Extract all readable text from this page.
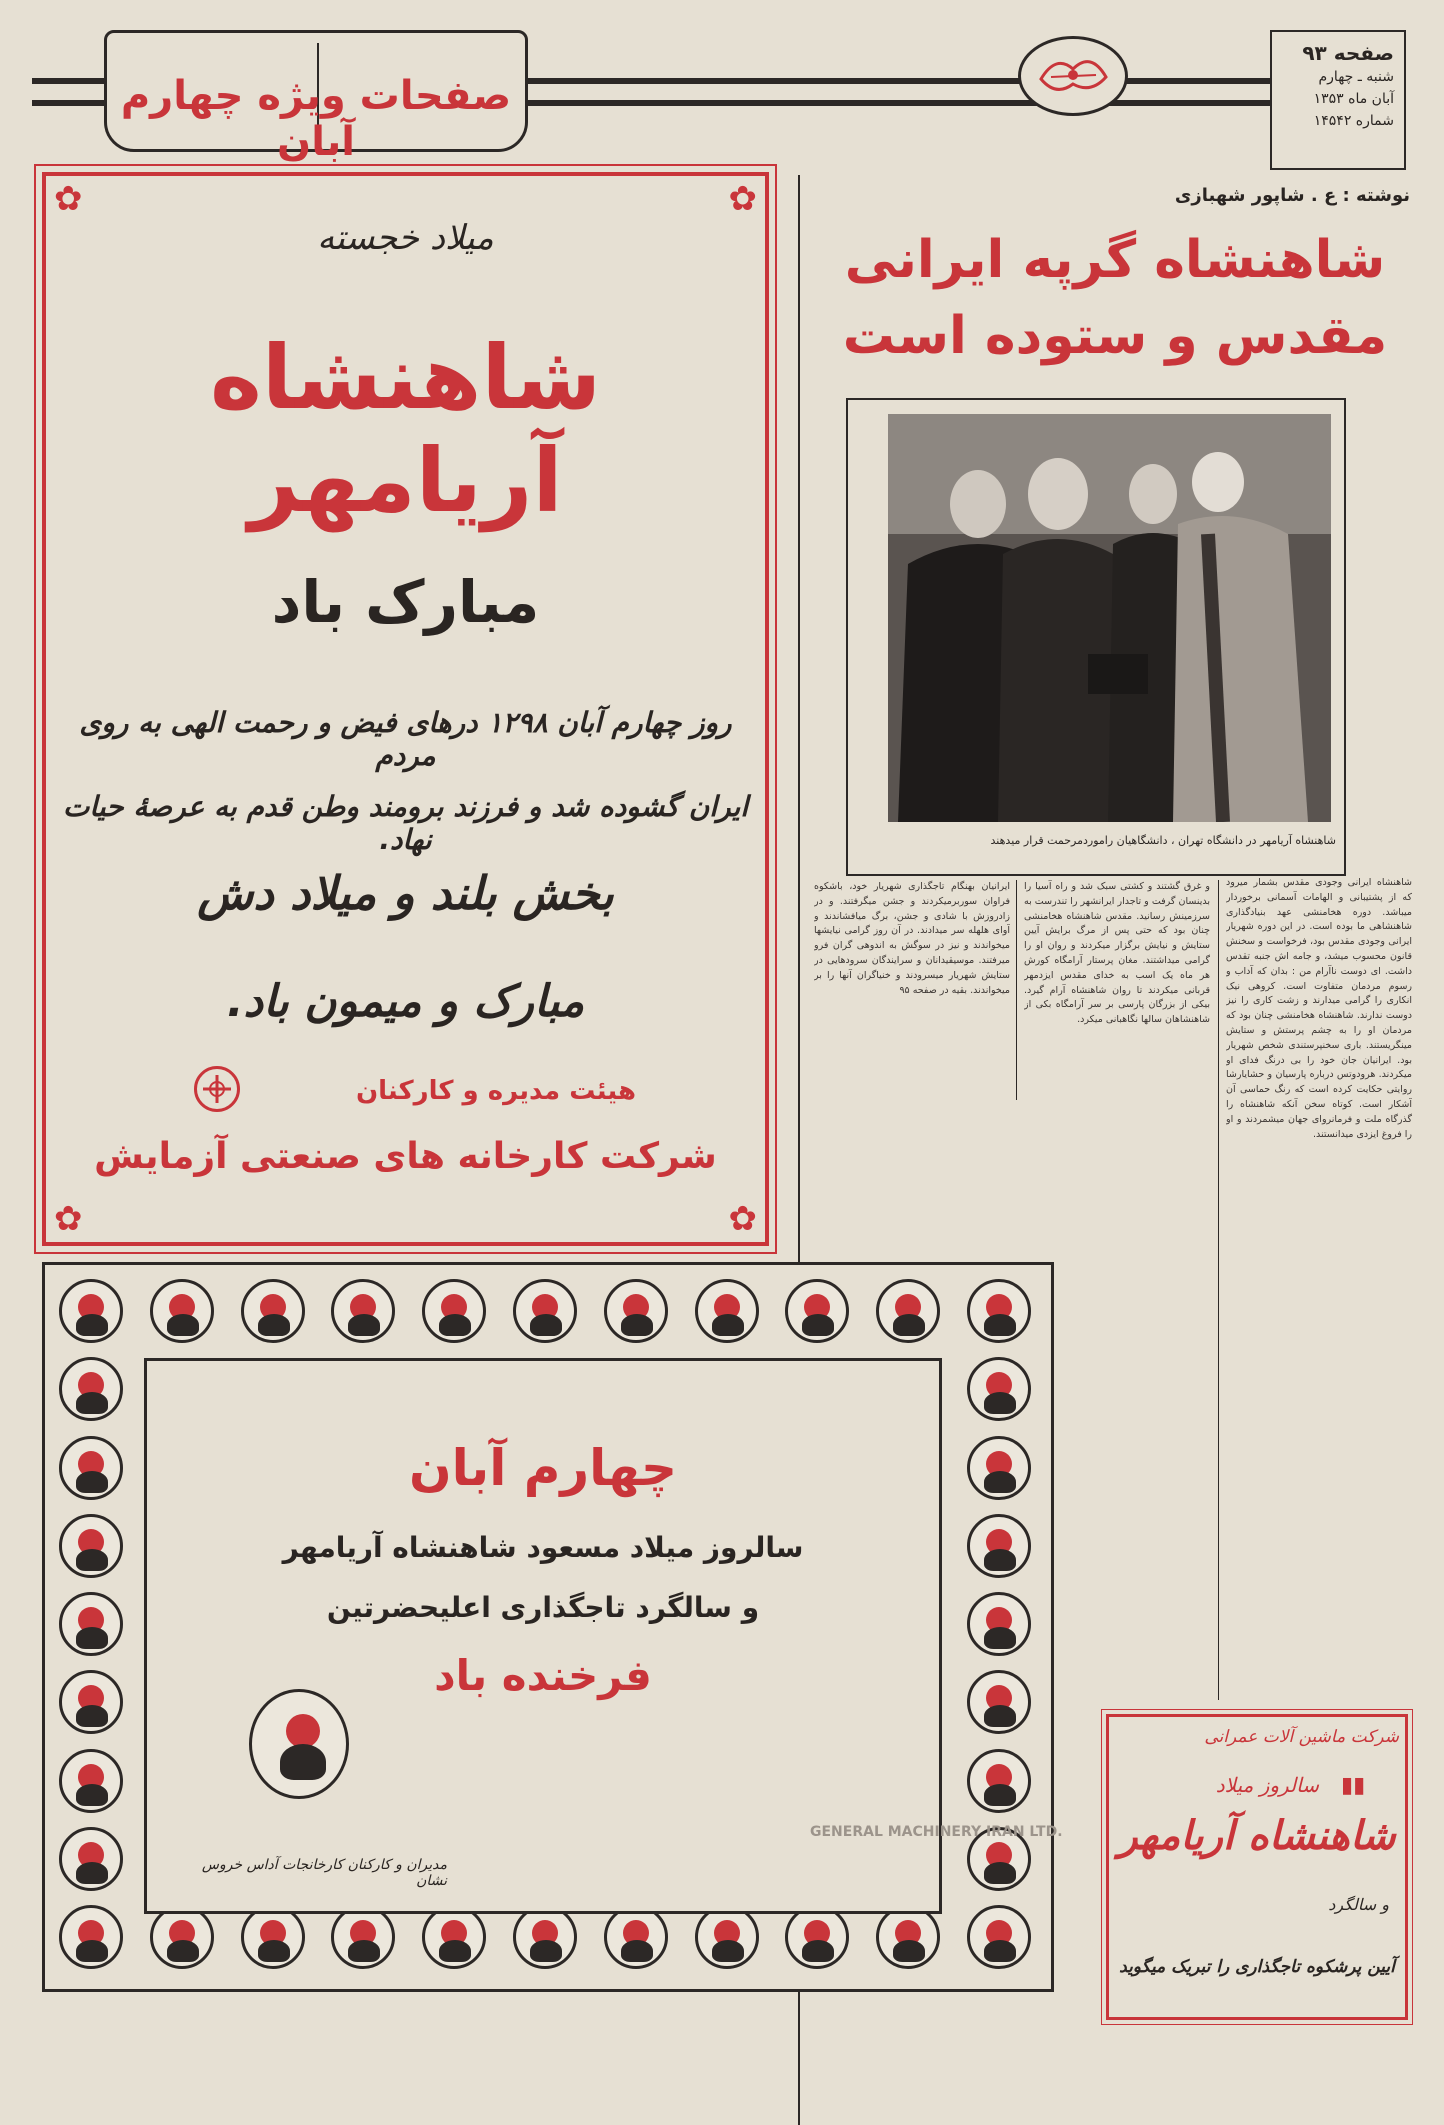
صفحات ویژه چهارم آبان
صفحه ۹۳
شنبه ـ چهارم
آبان ماه ۱۳۵۳
شماره ۱۴۵۴۲
✿	✿
✿	✿
میلاد خجسته
شاهنشاه آریامهر
مبارک باد
روز چهارم آبان ۱۲۹۸ درهای فیض و رحمت الهی به روی مردم
ایران گشوده شد و فرزند برومند وطن قدم به عرصهٔ حیات نهاد.
بخش بلند و میلاد دش
مبارک و میمون باد.
هیئت مدیره و کارکنان
شرکت کارخانه های صنعتی آزمایش
نوشته : ع . شاپور شهبازی
شاهنشاه گرپه ایرانی
مقدس و ستوده است
شاهنشاه آریامهر در دانشگاه تهران ، دانشگاهیان راموردمرحمت قرار میدهند
شاهنشاه ایرانی وجودی مقدس بشمار میرود که از پشتیبانی و الهامات آسمانی برخوردار میباشد. دوره هخامنشی عهد بنیادگذاری شاهنشاهی ما بوده است. در این دوره شهریار ایرانی وجودی مقدس بود، فرخواست و سخنش قانون محسوب میشد، و جامه اش جنبه تقدس داشت. ای دوست ناآرام من : بدان که آداب و رسوم مردمان متفاوت است. کروهی نیک انکاری را گرامی میدارند و زشت کاری را نیز دوست ندارند. شاهنشاه هخامنشی چنان بود که مردمان او را به چشم پرستش و ستایش مینگریستند. باری سخنپرستندی شخص شهریار بود. ایرانیان جان خود را بی درنگ فدای او میکردند. هرودوتس درباره پارسیان و حشایارشا روایتی حکایت کرده است که رنگ حماسی آن آشکار است. کوتاه سخن آنکه شاهنشاه را گذرگاه ملت و فرمانروای جهان میشمردند و او را فروغ ایزدی میدانستند.
و غرق گشتند و کشتی سبک شد و راه آسیا را بدینسان گرفت و تاجدار ایرانشهر را تندرست به سرزمینش رسانید. مقدس شاهنشاه هخامنشی چنان بود که حتی پس از مرگ برایش آیین ستایش و نیایش برگزار میکردند و روان او را گرامی میداشتند. مغان پرستار آرامگاه کورش هر ماه یک اسب به خدای مقدس ایزدمهر قربانی میکردند تا روان شاهنشاه آرام گیرد. بیکی از بزرگان پارسی بر سر آرامگاه بکی از شاهنشاهان سالها نگاهبانی میکرد.
ایرانیان بهنگام تاجگذاری شهریار خود، باشکوه فراوان سوربرمیکردند و جشن میگرفتند. و در زادروزش با شادی و جشن، برگ میافشاندند و آوای هلهله سر میدادند. در آن روز گرامی نیایشها میخواندند و نیز در سوگش به اندوهی گران فرو میرفتند. موسیقیدانان و سرایندگان سرودهایی در ستایش شهریار میسرودند و خنیاگران آنها را بر میخواندند. بقیه در صفحه ۹۵
چهارم آبان
سالروز میلاد مسعود شاهنشاه آریامهر
و سالگرد تاجگذاری اعلیحضرتین
فرخنده باد
مدیران و کارکنان کارخانجات آداس خروس نشان
شرکت ماشین آلات عمرانی
سالروز میلاد ▮▮
شاهنشاه آریامهر
و سالگرد
آیین پرشکوه تاجگذاری را تبریک میگوید
GENERAL MACHINERY IRAN LTD.
